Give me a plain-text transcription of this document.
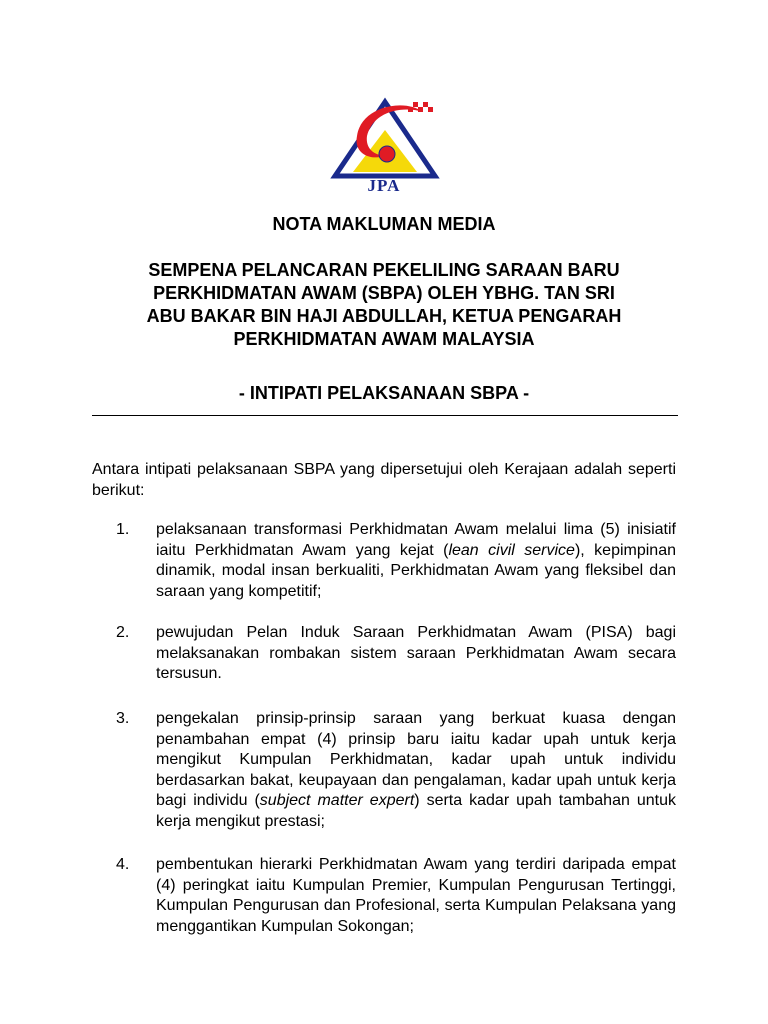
JPA
NOTA MAKLUMAN MEDIA
SEMPENA PELANCARAN PEKELILING SARAAN BARU
PERKHIDMATAN AWAM (SBPA) OLEH YBHG. TAN SRI
ABU BAKAR BIN HAJI ABDULLAH, KETUA PENGARAH
PERKHIDMATAN AWAM MALAYSIA
- INTIPATI PELAKSANAAN SBPA -
Antara intipati pelaksanaan SBPA yang dipersetujui oleh Kerajaan adalah seperti berikut:
1. pelaksanaan transformasi Perkhidmatan Awam melalui lima (5) inisiatif iaitu Perkhidmatan Awam yang kejat (lean civil service), kepimpinan dinamik, modal insan berkualiti, Perkhidmatan Awam yang fleksibel dan saraan yang kompetitif;
2. pewujudan Pelan Induk Saraan Perkhidmatan Awam (PISA) bagi melaksanakan rombakan sistem saraan Perkhidmatan Awam secara tersusun.
3. pengekalan prinsip-prinsip saraan yang berkuat kuasa dengan penambahan empat (4) prinsip baru iaitu kadar upah untuk kerja mengikut Kumpulan Perkhidmatan, kadar upah untuk individu berdasarkan bakat, keupayaan dan pengalaman, kadar upah untuk kerja bagi individu (subject matter expert) serta kadar upah tambahan untuk kerja mengikut prestasi;
4. pembentukan hierarki Perkhidmatan Awam yang terdiri daripada empat (4) peringkat iaitu Kumpulan Premier, Kumpulan Pengurusan Tertinggi, Kumpulan Pengurusan dan Profesional, serta Kumpulan Pelaksana yang menggantikan Kumpulan Sokongan;
